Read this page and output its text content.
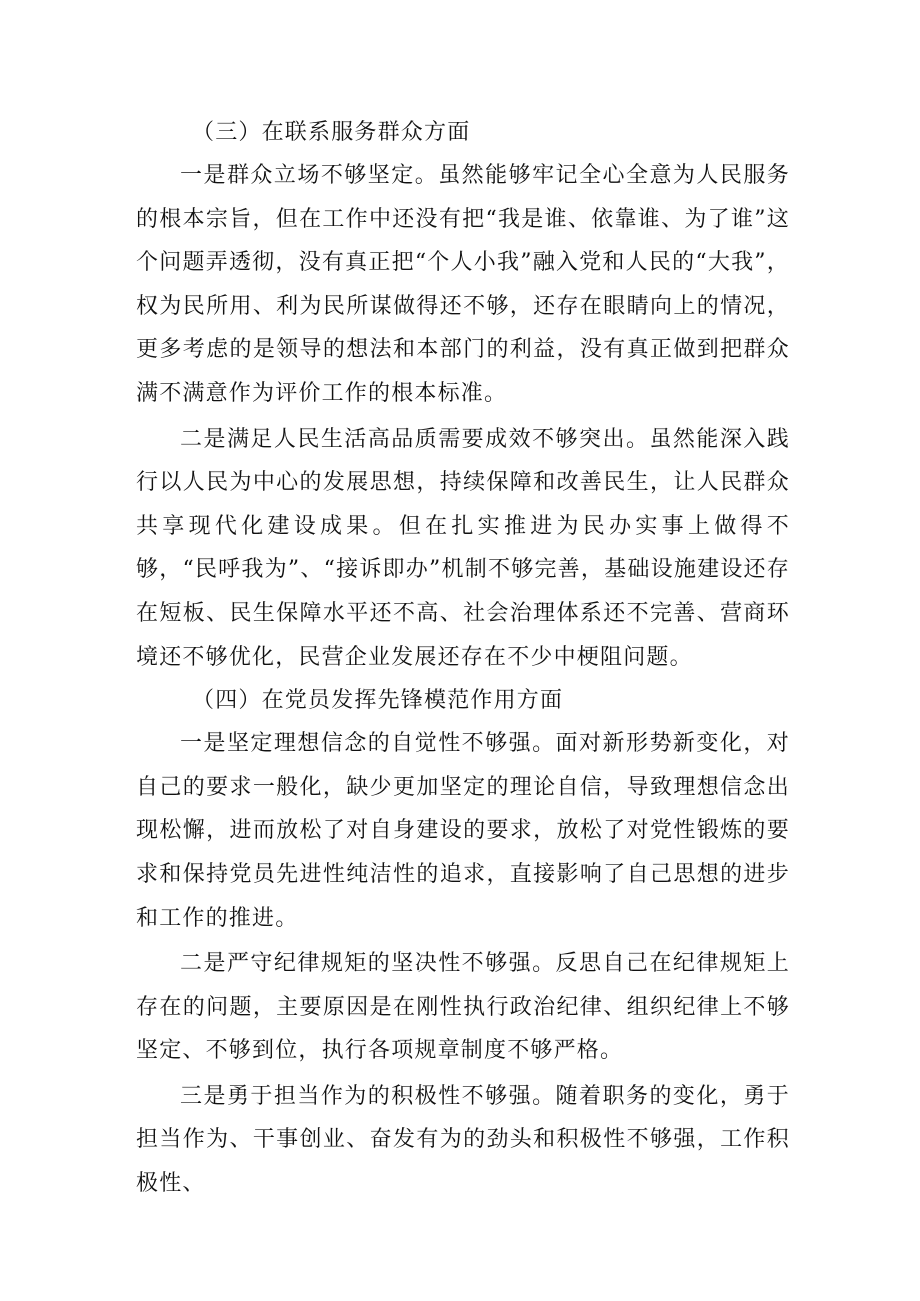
（三）在联系服务群众方面

一是群众立场不够坚定。虽然能够牢记全心全意为人民服务的根本宗旨，但在工作中还没有把“我是谁、依靠谁、为了谁”这个问题弄透彻，没有真正把“个人小我”融入党和人民的“大我”，权为民所用、利为民所谋做得还不够，还存在眼睛向上的情况，更多考虑的是领导的想法和本部门的利益，没有真正做到把群众满不满意作为评价工作的根本标准。

二是满足人民生活高品质需要成效不够突出。虽然能深入践行以人民为中心的发展思想，持续保障和改善民生，让人民群众共享现代化建设成果。但在扎实推进为民办实事上做得不够，“民呼我为”、“接诉即办”机制不够完善，基础设施建设还存在短板、民生保障水平还不高、社会治理体系还不完善、营商环境还不够优化，民营企业发展还存在不少中梗阻问题。

（四）在党员发挥先锋模范作用方面

一是坚定理想信念的自觉性不够强。面对新形势新变化，对自己的要求一般化，缺少更加坚定的理论自信，导致理想信念出现松懈，进而放松了对自身建设的要求，放松了对党性锻炼的要求和保持党员先进性纯洁性的追求，直接影响了自己思想的进步和工作的推进。

二是严守纪律规矩的坚决性不够强。反思自己在纪律规矩上存在的问题，主要原因是在刚性执行政治纪律、组织纪律上不够坚定、不够到位，执行各项规章制度不够严格。

三是勇于担当作为的积极性不够强。随着职务的变化，勇于担当作为、干事创业、奋发有为的劲头和积极性不够强，工作积极性、
